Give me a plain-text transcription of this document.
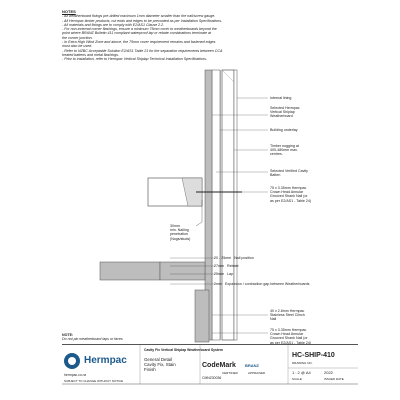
NOTES
- All weatherboard fixings pre-drilled maximum 1mm diameter smaller than the nail/screw gauge.
- All Hermpac timber products, cut ends and edges to be precoated as per Installation Specifications.
- All materials and fixings are to comply with E2/AS1 Clause 2.2.
- For non-external corner flashings, ensure a minimum 75mm cover to weatherboards beyond the
point where BRANZ Bulletin 411 compliant waterproof lap or rebate combinations terminate at
the corner junction.
- In Extra High Wind Zone and above, the 75mm cover requirement remains and fastened edges
must also be used.
- Refer to NZBC Acceptable Solution E2/AS1 Table 21 for the separation requirements between CCA
treated battens and metal flashings.
- Prior to installation, refer to Hermpac Vertical Shiplap Technical Installation Specifications.
Internal lining
Selected Hermpac
Vertical Shiplap
Weatherboard
Building underlay
Timber nogging at
400-480mm max.
centres.
Selected Verified Cavity
Batten
75 x 3.35mm Hermpac
Crown Head Annular
Grooved Shank Nail (or
as per E2/AS1 - Table 24)
30mm
min. Nailing
penetration
(Nogs/studs)
20 - 25mm Nail position
27mm Rebate
25mm Lap
2mm Expansion / contraction gap between Weatherboards
40 x 2.8mm Hermpac
Stainless Steel Clinch
Nail
75 x 3.35mm Hermpac
Crown Head Annular
Grooved Shank Nail (or
as per E2/AS1 - Table 24)
NOTE:
Do not pin weatherboard laps or faces
Cavity Fix Vertical Shiplap Weatherboard System
General Detail
Cavity Fix, Stain
Finish
hermpac.co.nz
SUBJECT TO CHANGE WITHOUT NOTICE
CERTIFIED
CMNZ30036
APPRAISED
DRAWING NO.
1 : 2 @ A4	2022
SCALE	ISSUED DATE
Hermpac	CodeMark BRANZ
HC-SHIP-410
